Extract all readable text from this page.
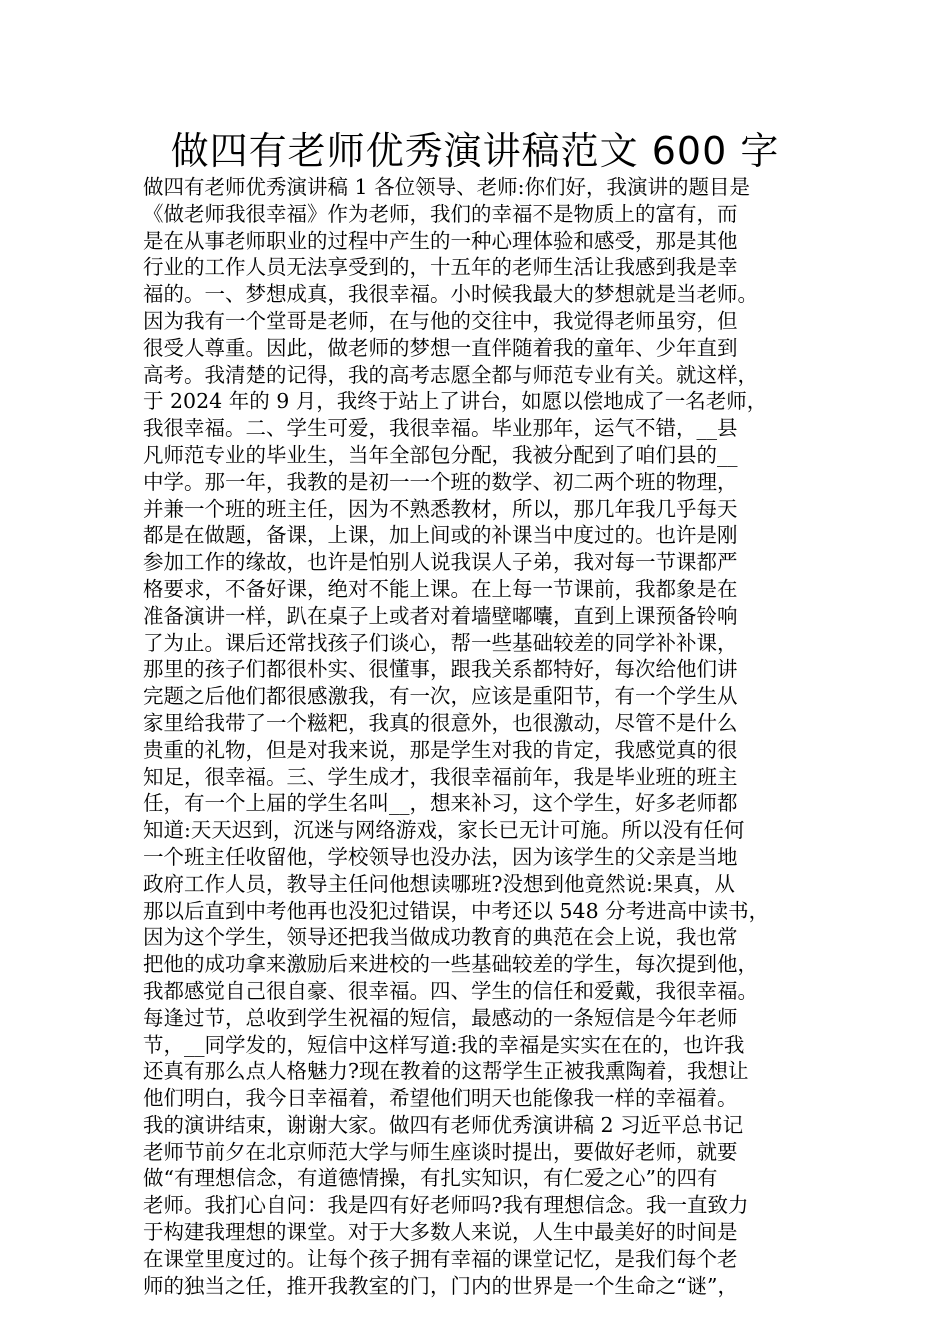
做四有老师优秀演讲稿范文 600 字
做四有老师优秀演讲稿 1 各位领导、老师:你们好，我演讲的题目是
《做老师我很幸福》作为老师，我们的幸福不是物质上的富有，而
是在从事老师职业的过程中产生的一种心理体验和感受，那是其他
行业的工作人员无法享受到的，十五年的老师生活让我感到我是幸
福的。一、梦想成真，我很幸福。小时候我最大的梦想就是当老师。
因为我有一个堂哥是老师，在与他的交往中，我觉得老师虽穷，但
很受人尊重。因此，做老师的梦想一直伴随着我的童年、少年直到
高考。我清楚的记得，我的高考志愿全都与师范专业有关。就这样，
于 2024 年的 9 月，我终于站上了讲台，如愿以偿地成了一名老师，
我很幸福。二、学生可爱，我很幸福。毕业那年，运气不错，__县
凡师范专业的毕业生，当年全部包分配，我被分配到了咱们县的__
中学。那一年，我教的是初一一个班的数学、初二两个班的物理，
并兼一个班的班主任，因为不熟悉教材，所以，那几年我几乎每天
都是在做题，备课，上课，加上间或的补课当中度过的。也许是刚
参加工作的缘故，也许是怕别人说我误人子弟，我对每一节课都严
格要求，不备好课，绝对不能上课。在上每一节课前，我都象是在
准备演讲一样，趴在桌子上或者对着墙壁嘟囔，直到上课预备铃响
了为止。课后还常找孩子们谈心，帮一些基础较差的同学补补课，
那里的孩子们都很朴实、很懂事，跟我关系都特好，每次给他们讲
完题之后他们都很感激我，有一次，应该是重阳节，有一个学生从
家里给我带了一个糍粑，我真的很意外，也很激动，尽管不是什么
贵重的礼物，但是对我来说，那是学生对我的肯定，我感觉真的很
知足，很幸福。三、学生成才，我很幸福前年，我是毕业班的班主
任，有一个上届的学生名叫__，想来补习，这个学生，好多老师都
知道:天天迟到，沉迷与网络游戏，家长已无计可施。所以没有任何
一个班主任收留他，学校领导也没办法，因为该学生的父亲是当地
政府工作人员，教导主任问他想读哪班?没想到他竟然说:果真，从
那以后直到中考他再也没犯过错误，中考还以 548 分考进高中读书，
因为这个学生，领导还把我当做成功教育的典范在会上说，我也常
把他的成功拿来激励后来进校的一些基础较差的学生，每次提到他，
我都感觉自己很自豪、很幸福。四、学生的信任和爱戴，我很幸福。
每逢过节，总收到学生祝福的短信，最感动的一条短信是今年老师
节，__同学发的，短信中这样写道:我的幸福是实实在在的，也许我
还真有那么点人格魅力?现在教着的这帮学生正被我熏陶着，我想让
他们明白，我今日幸福着，希望他们明天也能像我一样的幸福着。
我的演讲结束，谢谢大家。做四有老师优秀演讲稿 2 习近平总书记
老师节前夕在北京师范大学与师生座谈时提出，要做好老师，就要
做“有理想信念，有道德情操，有扎实知识，有仁爱之心”的四有
老师。我扪心自问：我是四有好老师吗?我有理想信念。我一直致力
于构建我理想的课堂。对于大多数人来说，人生中最美好的时间是
在课堂里度过的。让每个孩子拥有幸福的课堂记忆，是我们每个老
师的独当之任，推开我教室的门，门内的世界是一个生命之“谜”，
